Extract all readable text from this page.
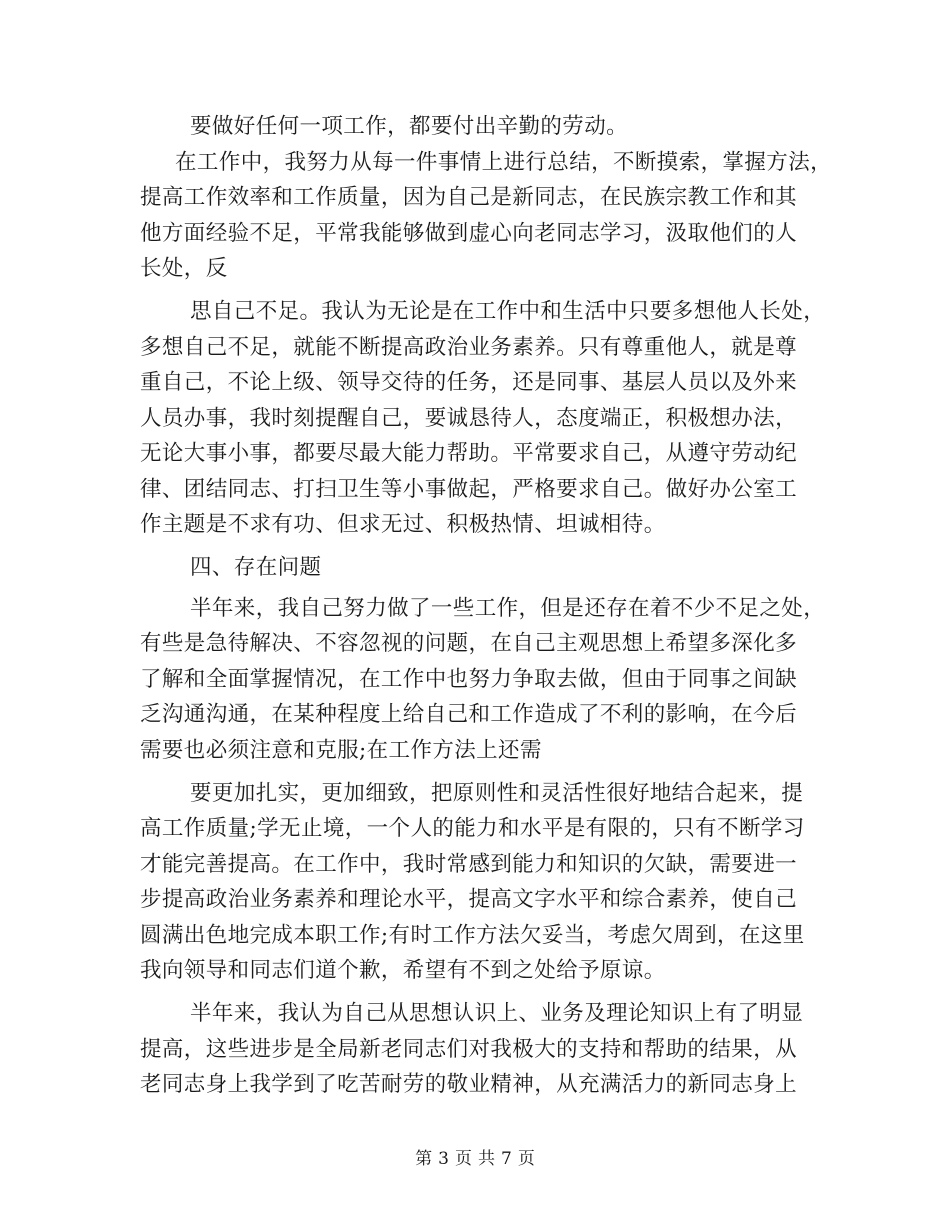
要做好任何一项工作，都要付出辛勤的劳动。
在工作中，我努力从每一件事情上进行总结，不断摸索，掌握方法，
提高工作效率和工作质量，因为自己是新同志，在民族宗教工作和其
他方面经验不足，平常我能够做到虚心向老同志学习，汲取他们的人
长处，反
思自己不足。我认为无论是在工作中和生活中只要多想他人长处，
多想自己不足，就能不断提高政治业务素养。只有尊重他人，就是尊
重自己，不论上级、领导交待的任务，还是同事、基层人员以及外来
人员办事，我时刻提醒自己，要诚恳待人，态度端正，积极想办法，
无论大事小事，都要尽最大能力帮助。平常要求自己，从遵守劳动纪
律、团结同志、打扫卫生等小事做起，严格要求自己。做好办公室工
作主题是不求有功、但求无过、积极热情、坦诚相待。
四、存在问题
半年来，我自己努力做了一些工作，但是还存在着不少不足之处，
有些是急待解决、不容忽视的问题，在自己主观思想上希望多深化多
了解和全面掌握情况，在工作中也努力争取去做，但由于同事之间缺
乏沟通沟通，在某种程度上给自己和工作造成了不利的影响，在今后
需要也必须注意和克服;在工作方法上还需
要更加扎实，更加细致，把原则性和灵活性很好地结合起来，提
高工作质量;学无止境，一个人的能力和水平是有限的，只有不断学习
才能完善提高。在工作中，我时常感到能力和知识的欠缺，需要进一
步提高政治业务素养和理论水平，提高文字水平和综合素养，使自己
圆满出色地完成本职工作;有时工作方法欠妥当，考虑欠周到，在这里
我向领导和同志们道个歉，希望有不到之处给予原谅。
半年来，我认为自己从思想认识上、业务及理论知识上有了明显
提高，这些进步是全局新老同志们对我极大的支持和帮助的结果，从
老同志身上我学到了吃苦耐劳的敬业精神，从充满活力的新同志身上
第 3 页 共 7 页
